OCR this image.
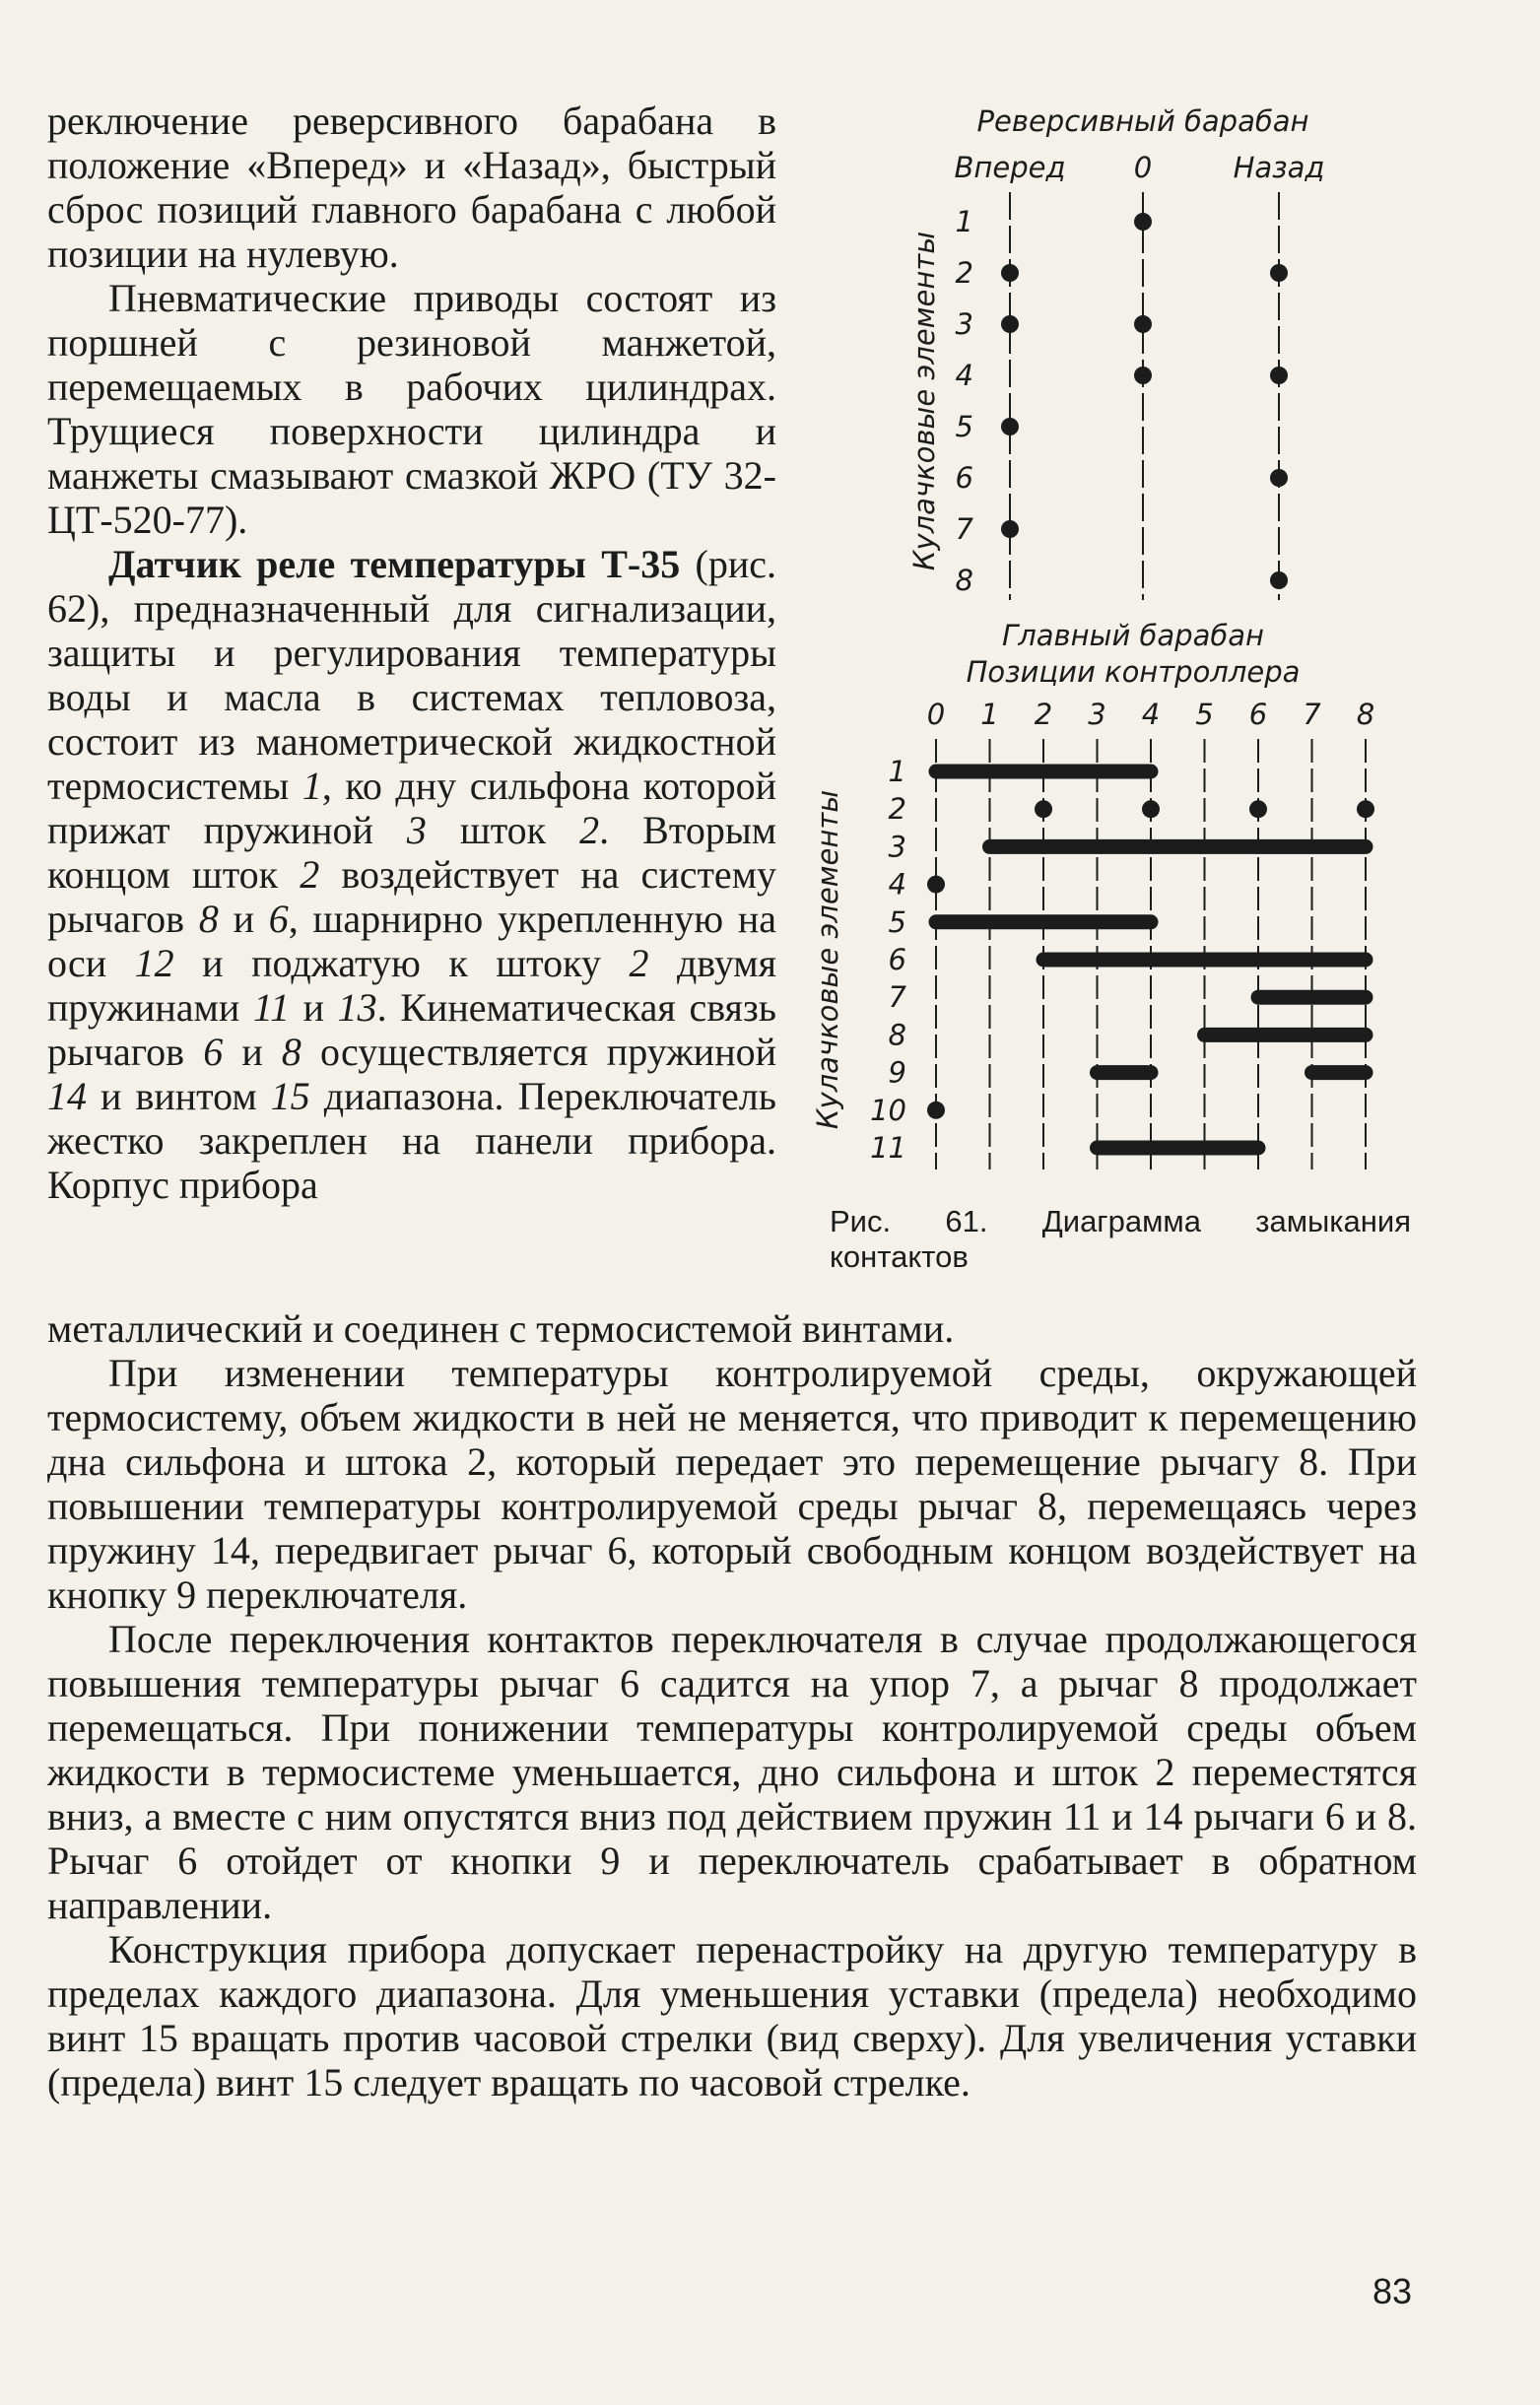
реключение реверсивного барабана в положение «Вперед» и «Назад», быстрый сброс позиций главного барабана с любой позиции на нулевую.

Пневматические приводы состоят из поршней с резиновой манжетой, перемещаемых в рабочих цилиндрах. Трущиеся поверхности цилиндра и манжеты смазывают смазкой ЖРО (ТУ 32-ЦТ-520-77).

Датчик реле температуры Т-35 (рис. 62), предназначенный для сигнализации, защиты и регулирования температуры воды и масла в системах тепловоза, состоит из манометрической жидкостной термосистемы 1, ко дну сильфона которой прижат пружиной 3 шток 2. Вторым концом шток 2 воздействует на систему рычагов 8 и 6, шарнирно укрепленную на оси 12 и поджатую к штоку 2 двумя пружинами 11 и 13. Кинематическая связь рычагов 6 и 8 осуществляется пружиной 14 и винтом 15 диапазона. Переключатель жестко закреплен на панели прибора. Корпус прибора

Реверсивный барабан
Вперед 0	Назад
1
2
3
4
5
6
7
8
Кулачковые элементы
Главный барабан
Позиции контроллера
0 1 2 3 4 5 6 7 8
1
2
3
4
5
6
7
8
9
10
11
Кулачковые элементы
Рис. 61. Диаграмма замыкания контактов

металлический и соединен с термосистемой винтами.

При изменении температуры контролируемой среды, окружающей термосистему, объем жидкости в ней не меняется, что приводит к перемещению дна сильфона и штока 2, который передает это перемещение рычагу 8. При повышении температуры контролируемой среды рычаг 8, перемещаясь через пружину 14, передвигает рычаг 6, который свободным концом воздействует на кнопку 9 переключателя.

После переключения контактов переключателя в случае продолжающегося повышения температуры рычаг 6 садится на упор 7, а рычаг 8 продолжает перемещаться. При понижении температуры контролируемой среды объем жидкости в термосистеме уменьшается, дно сильфона и шток 2 переместятся вниз, а вместе с ним опустятся вниз под действием пружин 11 и 14 рычаги 6 и 8. Рычаг 6 отойдет от кнопки 9 и переключатель срабатывает в обратном направлении.

Конструкция прибора допускает перенастройку на другую температуру в пределах каждого диапазона. Для уменьшения уставки (предела) необходимо винт 15 вращать против часовой стрелки (вид сверху). Для увеличения уставки (предела) винт 15 следует вращать по часовой стрелке.

83
